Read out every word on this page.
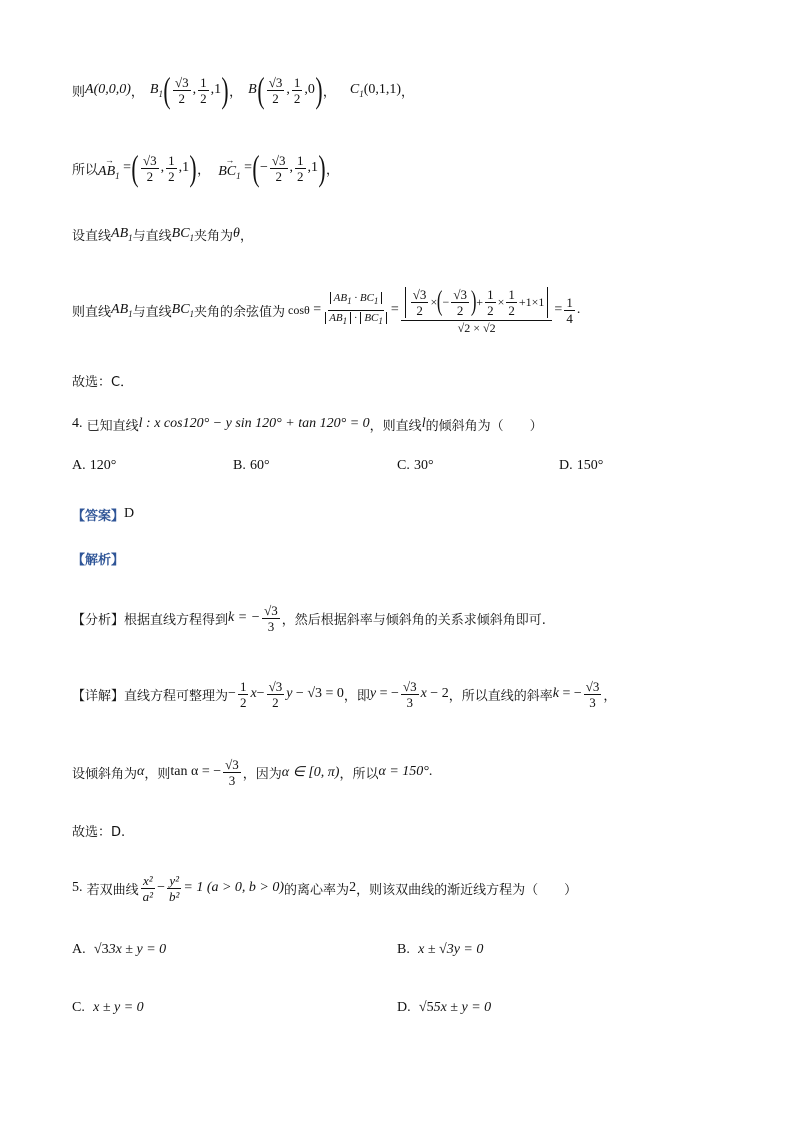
则 A(0,0,0) ， $B_1$ ( $\frac{√3}{2}$ , $\frac{1}{2} ,1$ ) ， B ( $\frac{√3}{2}$ , $\frac{1}{2} ,0$ ) ， $C_1$ (0,1,1) ，
所以
→
$AB_1$
= ( $\frac{√3}{2}$ , $\frac{1}{2} ,1$ ) ，
→
$BC_1$
= ( − $\frac{√3}{2}$ , $\frac{1}{2} ,1$ ) ，
设直线 $AB_1$ 与直线 $BC_1$ 夹角为 θ ，
则直线 $AB_1$ 与直线 $BC_1$ 夹角的余弦值为 $\cos\theta = \frac{AB_1 \cdot BC_1}{AB_1 \cdot BC_1} = \frac{\frac{√3}{2} \times ( - \frac{√3}{2} ) + \frac{1}{2} \times \frac{1}{2} +1\times 1}{√2 \times √2} = \frac{1}{4}$ .
故选：C．
4.
已知直线 l : x cos120° − y sin 120° + tan 120° = 0 ，则直线 l 的倾斜角为（　　）
A.
120°	B.
60°	C.
30°	D.
150°
【答案】 D
【解析】
【分析】 根据直线方程得到 k = − $\frac{√3}{3}$ ，然后根据斜率与倾斜角的关系求倾斜角即可.
【详解】 直线方程可整理为 − $\frac{1}{2}$ $x - \frac{√3}{2}$ y − √3 = 0 ，即 y = − $\frac{√3}{3}$ x − 2 ，所以直线的斜率 k = − $\frac{√3}{3}$ ，
设倾斜角为 α ，则 tan α = − $\frac{√3}{3}$ ，因为 α ∈ [0, π) ，所以 α = 150° .
故选：D.
5.
若双曲线 $\frac{\text{x²}}{\text{a²}} - \frac{\text{y²}}{\text{b²}} = 1$ (a > 0, b > 0) 的离心率为 2 ，则该双曲线的渐近线方程为（　　）
A.
√3 3x ± y = 0	B.
x ± √3y = 0
C.
x ± y = 0	D.
√5 5x ± y = 0
